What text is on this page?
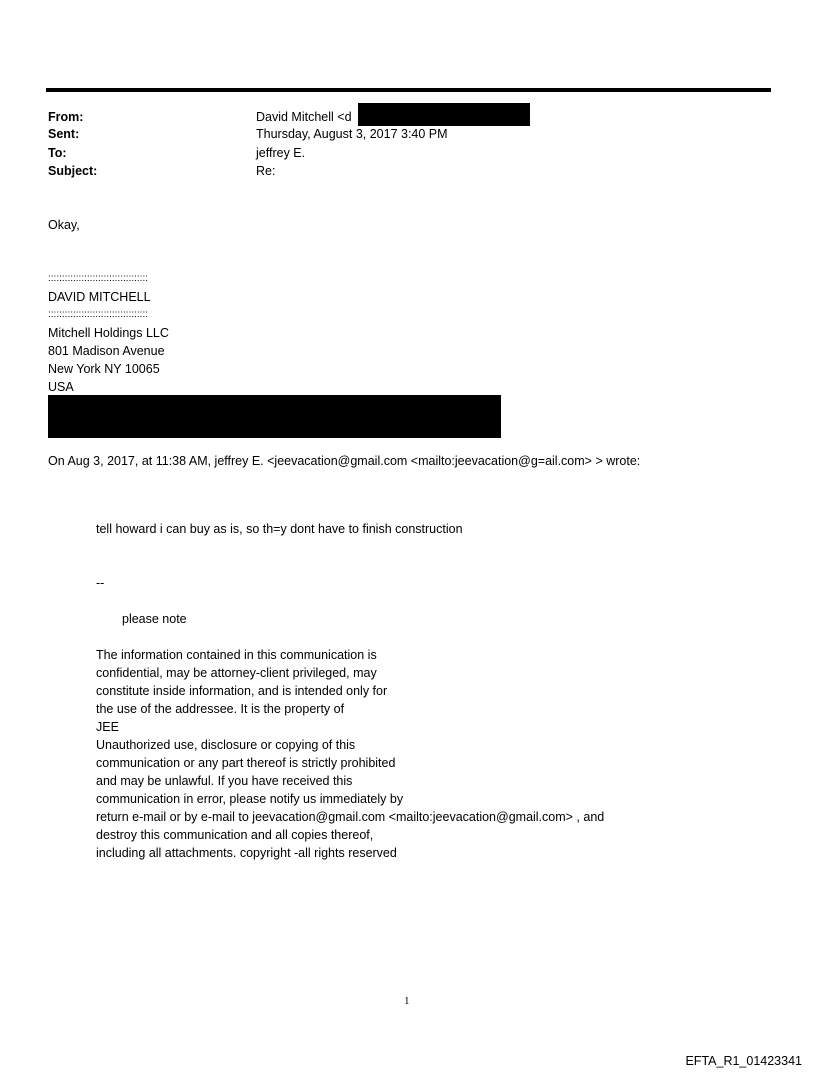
From:	David Mitchell <d
Sent:	Thursday, August 3, 2017 3:40 PM
To:	jeffrey E.
Subject:	Re:
Okay,
::::::::::::::::::::::::::::::::::::
DAVID MITCHELL
::::::::::::::::::::::::::::::::::::
Mitchell Holdings LLC
801 Madison Avenue
New York NY 10065
USA
On Aug 3, 2017, at 11:38 AM, jeffrey E. <jeevacation@gmail.com <mailto:jeevacation@g=ail.com> > wrote:
tell howard i can buy as is, so th=y dont have to finish construction
--
please note
The information contained in this communication is
confidential, may be attorney-client privileged, may
constitute inside information, and is intended only for
the use of the addressee. It is the property of
JEE
Unauthorized use, disclosure or copying of this
communication or any part thereof is strictly prohibited
and may be unlawful. If you have received this
communication in error, please notify us immediately by
return e-mail or by e-mail to jeevacation@gmail.com <mailto:jeevacation@gmail.com> , and
destroy this communication and all copies thereof,
including all attachments. copyright -all rights reserved
1
EFTA_R1_01423341
